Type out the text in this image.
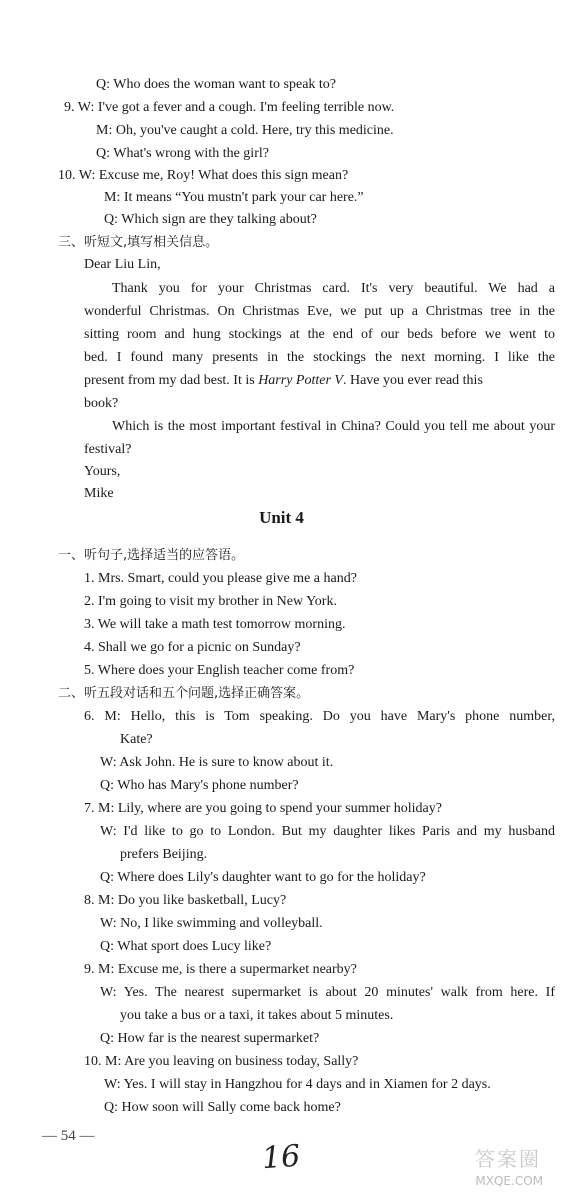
Q: Who does the woman want to speak to?
9. W: I've got a fever and a cough. I'm feeling terrible now.
M: Oh, you've caught a cold. Here, try this medicine.
Q: What's wrong with the girl?
10. W: Excuse me, Roy! What does this sign mean?
M: It means “You mustn't park your car here.”
Q: Which sign are they talking about?
三、听短文,填写相关信息。
Dear Liu Lin,
Thank you for your Christmas card. It's very beautiful. We had a
wonderful Christmas. On Christmas Eve, we put up a Christmas tree in the
sitting room and hung stockings at the end of our beds before we went to
bed. I found many presents in the stockings the next morning. I like the
present from my dad best. It is Harry Potter V. Have you ever read this
book?
Which is the most important festival in China? Could you tell me about your
festival?
Yours,
Mike
Unit 4
一、听句子,选择适当的应答语。
1. Mrs. Smart, could you please give me a hand?
2. I'm going to visit my brother in New York.
3. We will take a math test tomorrow morning.
4. Shall we go for a picnic on Sunday?
5. Where does your English teacher come from?
二、听五段对话和五个问题,选择正确答案。
6. M: Hello, this is Tom speaking. Do you have Mary's phone number,
Kate?
W: Ask John. He is sure to know about it.
Q: Who has Mary's phone number?
7. M: Lily, where are you going to spend your summer holiday?
W: I'd like to go to London. But my daughter likes Paris and my husband
prefers Beijing.
Q: Where does Lily's daughter want to go for the holiday?
8. M: Do you like basketball, Lucy?
W: No, I like swimming and volleyball.
Q: What sport does Lucy like?
9. M: Excuse me, is there a supermarket nearby?
W: Yes. The nearest supermarket is about 20 minutes' walk from here. If
you take a bus or a taxi, it takes about 5 minutes.
Q: How far is the nearest supermarket?
10. M: Are you leaving on business today, Sally?
W: Yes. I will stay in Hangzhou for 4 days and in Xiamen for 2 days.
Q: How soon will Sally come back home?
— 54 —
16	答案圈
MXQE.COM
